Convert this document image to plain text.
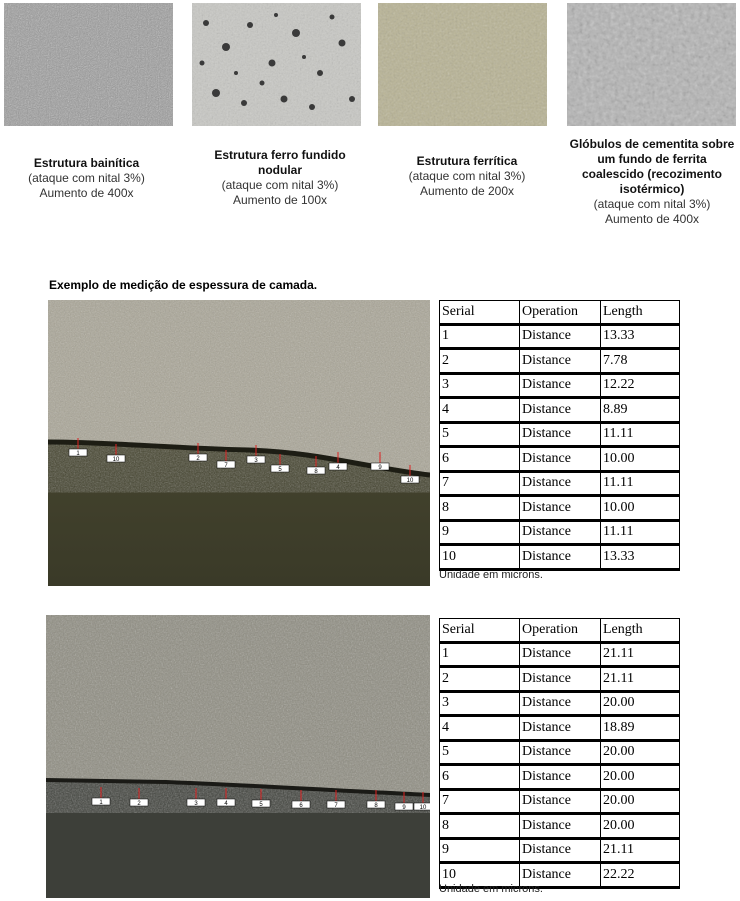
Estrutura bainítica
(ataque com nital 3%)
Aumento de 400x
Estrutura ferro fundido nodular
(ataque com nital 3%)
Aumento de 100x
Estrutura ferrítica
(ataque com nital 3%)
Aumento de 200x
Glóbulos de cementita sobre um fundo de ferrita coalescido (recozimento isotérmico)
(ataque com nital 3%)
Aumento de 400x
Exemplo de medição de espessura de camada.
1
10	2
7
3
5	8
4	9
10
Serial	Operation	Length
1	Distance	13.33
2	Distance	7.78
3	Distance	12.22
4	Distance	8.89
5	Distance	11.11
6	Distance	10.00
7	Distance	11.11
8	Distance	10.00
9	Distance	11.11
10	Distance	13.33
Unidade em microns.
1	2	3	4	5	6	7	8	9 10
Serial	Operation	Length
1	Distance	21.11
2	Distance	21.11
3	Distance	20.00
4	Distance	18.89
5	Distance	20.00
6	Distance	20.00
7	Distance	20.00
8	Distance	20.00
9	Distance	21.11
10	Distance	22.22
Unidade em microns.
